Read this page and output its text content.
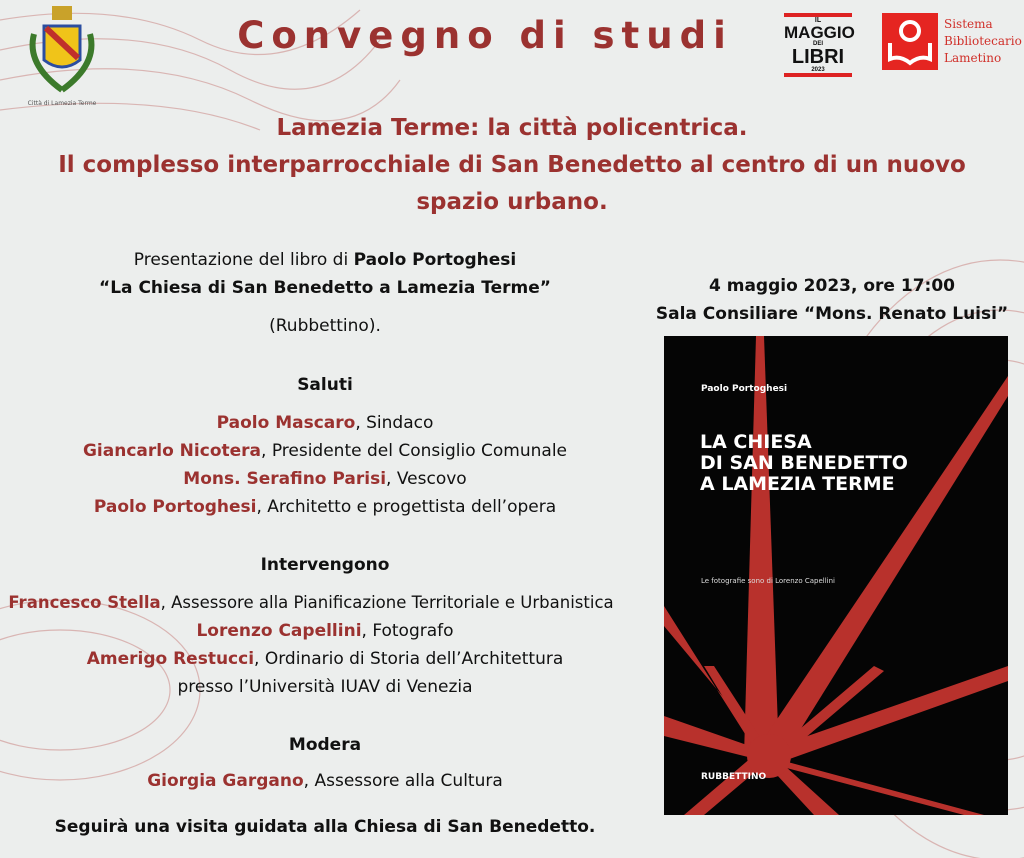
Città di Lamezia Terme
Convegno di studi	IL
MAGGIO
DEI
LIBRI
2023
Sistema
Bibliotecario
Lametino
Lamezia Terme: la città policentrica.
Il complesso interparrocchiale di San Benedetto al centro di un nuovo
spazio urbano.
Presentazione del libro di Paolo Portoghesi
“La Chiesa di San Benedetto a Lamezia Terme”
(Rubbettino).
Saluti
Paolo Mascaro, Sindaco
Giancarlo Nicotera, Presidente del Consiglio Comunale
Mons. Serafino Parisi, Vescovo
Paolo Portoghesi, Architetto e progettista dell’opera
Intervengono
Francesco Stella, Assessore alla Pianificazione Territoriale e Urbanistica
Lorenzo Capellini, Fotografo
Amerigo Restucci, Ordinario di Storia dell’Architettura
presso l’Università IUAV di Venezia
Modera
Giorgia Gargano, Assessore alla Cultura
Seguirà una visita guidata alla Chiesa di San Benedetto.
4 maggio 2023, ore 17:00
Sala Consiliare “Mons. Renato Luisi”
Paolo Portoghesi
LA CHIESA
DI SAN BENEDETTO
A LAMEZIA TERME
Le fotografie sono di Lorenzo Capellini
RUBBETTINO
